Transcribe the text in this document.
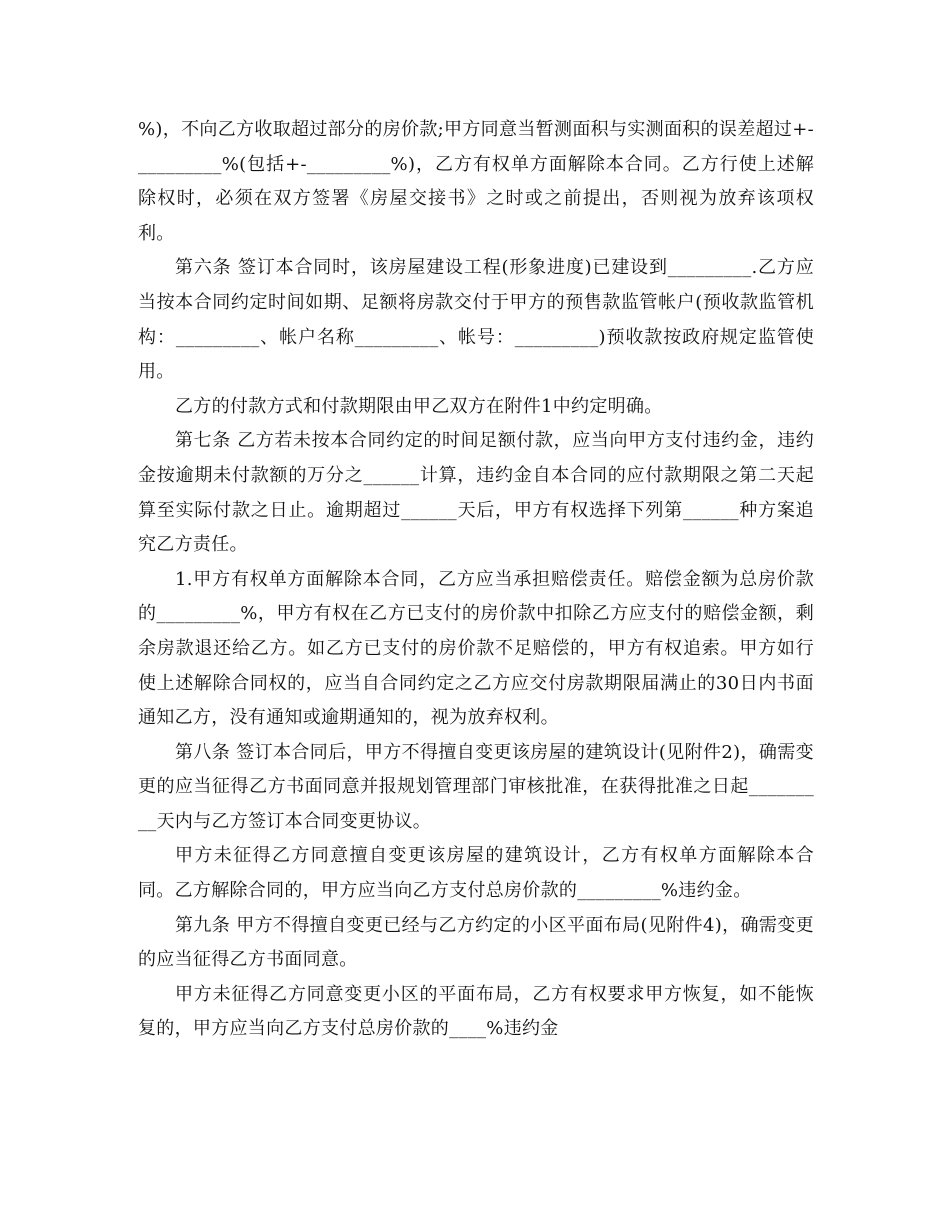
%)，不向乙方收取超过部分的房价款;甲方同意当暂测面积与实测面积的误差超过+-_________%(包括+-_________%)，乙方有权单方面解除本合同。乙方行使上述解除权时，必须在双方签署《房屋交接书》之时或之前提出，否则视为放弃该项权利。

第六条 签订本合同时，该房屋建设工程(形象进度)已建设到_________.乙方应当按本合同约定时间如期、足额将房款交付于甲方的预售款监管帐户(预收款监管机构：_________、帐户名称_________、帐号：_________)预收款按政府规定监管使用。

乙方的付款方式和付款期限由甲乙双方在附件1中约定明确。

第七条 乙方若未按本合同约定的时间足额付款，应当向甲方支付违约金，违约金按逾期未付款额的万分之______计算，违约金自本合同的应付款期限之第二天起算至实际付款之日止。逾期超过______天后，甲方有权选择下列第______种方案追究乙方责任。

1.甲方有权单方面解除本合同，乙方应当承担赔偿责任。赔偿金额为总房价款的_________%，甲方有权在乙方已支付的房价款中扣除乙方应支付的赔偿金额，剩余房款退还给乙方。如乙方已支付的房价款不足赔偿的，甲方有权追索。甲方如行使上述解除合同权的，应当自合同约定之乙方应交付房款期限届满止的30日内书面通知乙方，没有通知或逾期通知的，视为放弃权利。

第八条 签订本合同后，甲方不得擅自变更该房屋的建筑设计(见附件2)，确需变更的应当征得乙方书面同意并报规划管理部门审核批准，在获得批准之日起_________天内与乙方签订本合同变更协议。

甲方未征得乙方同意擅自变更该房屋的建筑设计，乙方有权单方面解除本合同。乙方解除合同的，甲方应当向乙方支付总房价款的_________%违约金。

第九条 甲方不得擅自变更已经与乙方约定的小区平面布局(见附件4)，确需变更的应当征得乙方书面同意。

甲方未征得乙方同意变更小区的平面布局，乙方有权要求甲方恢复，如不能恢复的，甲方应当向乙方支付总房价款的____%违约金
